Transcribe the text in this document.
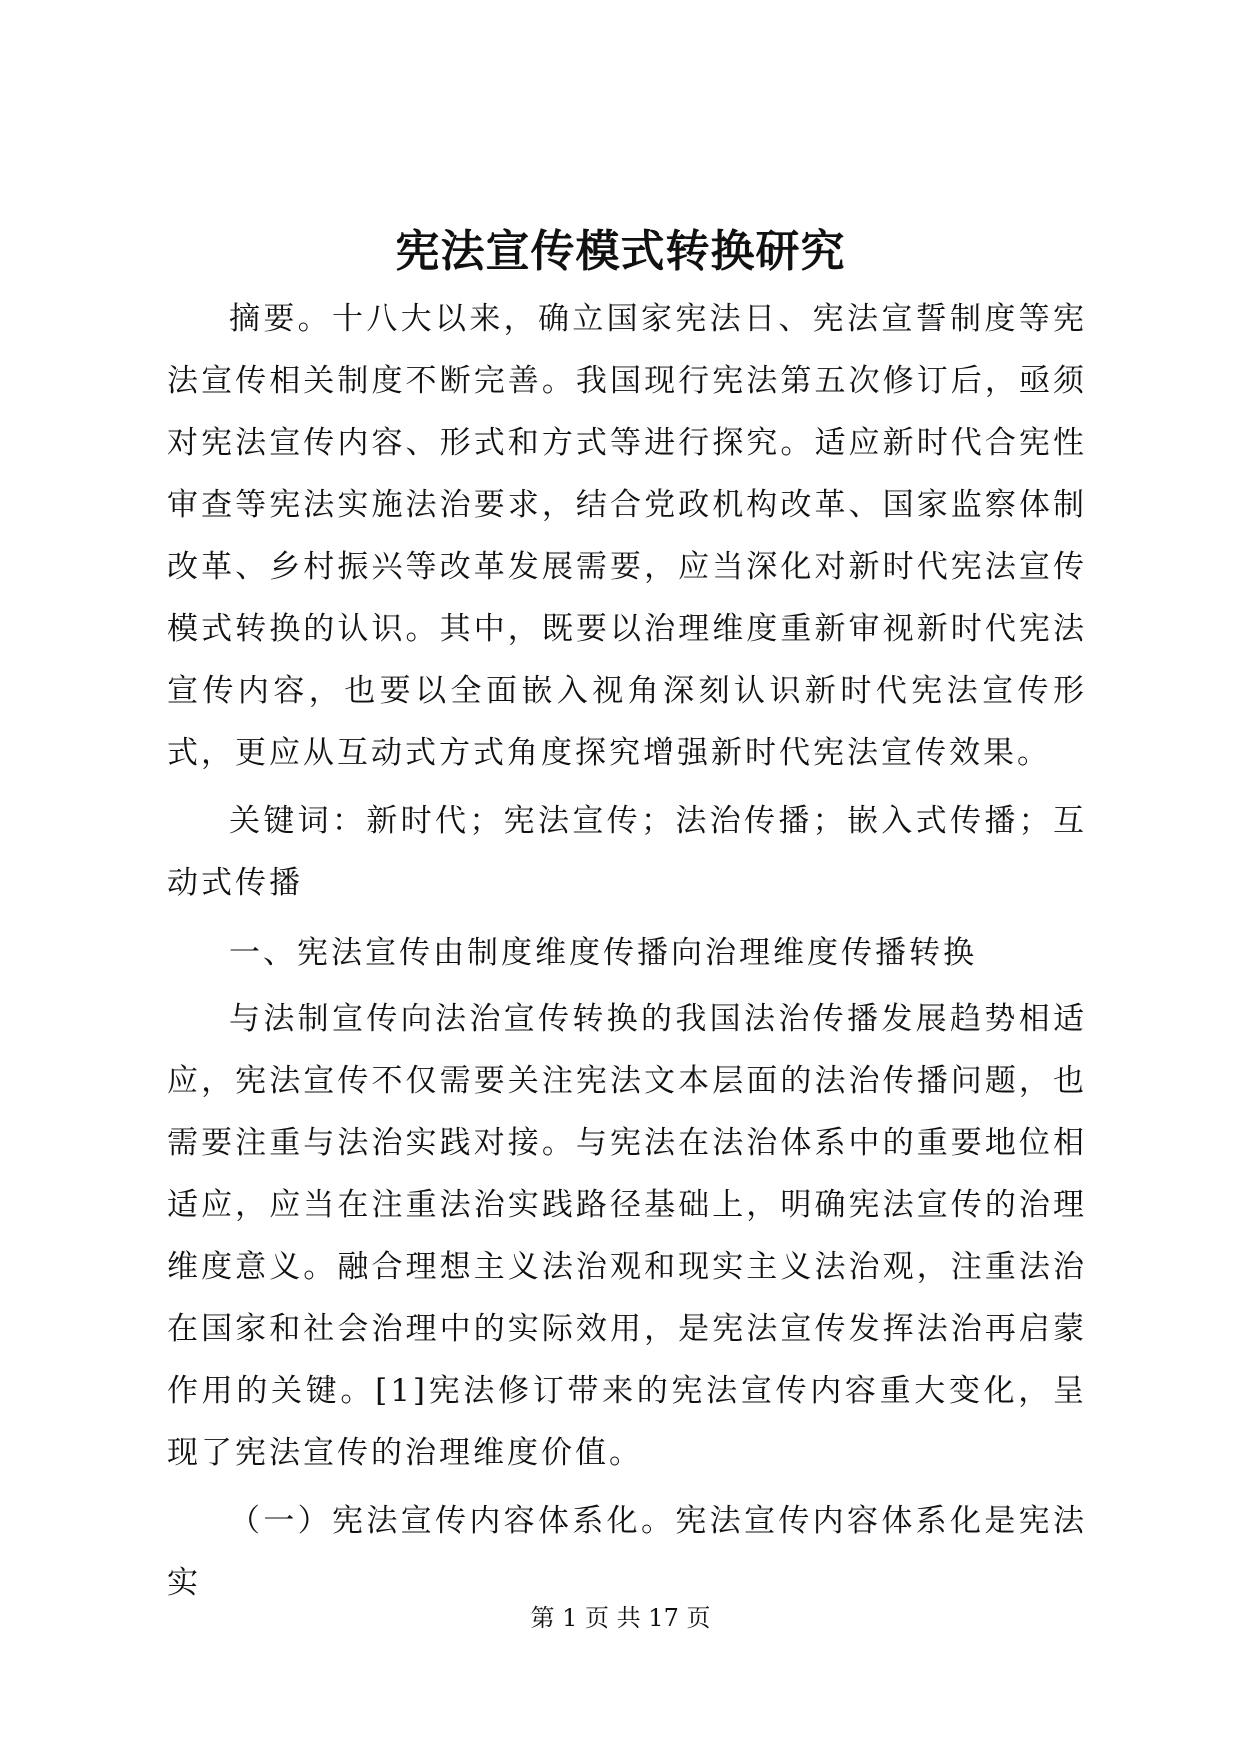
宪法宣传模式转换研究

摘要。十八大以来，确立国家宪法日、宪法宣誓制度等宪法宣传相关制度不断完善。我国现行宪法第五次修订后，亟须对宪法宣传内容、形式和方式等进行探究。适应新时代合宪性审查等宪法实施法治要求，结合党政机构改革、国家监察体制改革、乡村振兴等改革发展需要，应当深化对新时代宪法宣传模式转换的认识。其中，既要以治理维度重新审视新时代宪法宣传内容，也要以全面嵌入视角深刻认识新时代宪法宣传形式，更应从互动式方式角度探究增强新时代宪法宣传效果。

关键词：新时代；宪法宣传；法治传播；嵌入式传播；互动式传播

一、宪法宣传由制度维度传播向治理维度传播转换

与法制宣传向法治宣传转换的我国法治传播发展趋势相适应，宪法宣传不仅需要关注宪法文本层面的法治传播问题，也需要注重与法治实践对接。与宪法在法治体系中的重要地位相适应，应当在注重法治实践路径基础上，明确宪法宣传的治理维度意义。融合理想主义法治观和现实主义法治观，注重法治在国家和社会治理中的实际效用，是宪法宣传发挥法治再启蒙作用的关键。[1]宪法修订带来的宪法宣传内容重大变化，呈现了宪法宣传的治理维度价值。

（一）宪法宣传内容体系化。宪法宣传内容体系化是宪法实

第 1 页 共 17 页
